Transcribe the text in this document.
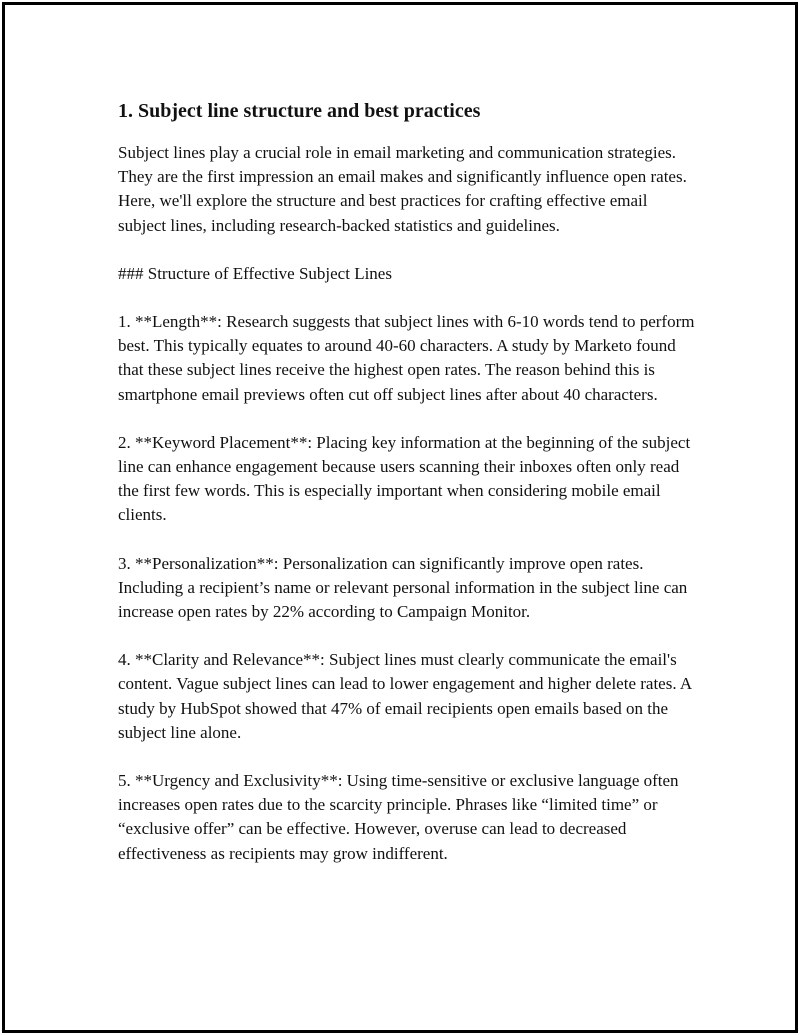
1. Subject line structure and best practices

Subject lines play a crucial role in email marketing and communication strategies. They are the first impression an email makes and significantly influence open rates. Here, we'll explore the structure and best practices for crafting effective email subject lines, including research-backed statistics and guidelines.

### Structure of Effective Subject Lines

1. **Length**: Research suggests that subject lines with 6-10 words tend to perform best. This typically equates to around 40-60 characters. A study by Marketo found that these subject lines receive the highest open rates. The reason behind this is smartphone email previews often cut off subject lines after about 40 characters.

2. **Keyword Placement**: Placing key information at the beginning of the subject line can enhance engagement because users scanning their inboxes often only read the first few words. This is especially important when considering mobile email clients.

3. **Personalization**: Personalization can significantly improve open rates. Including a recipient’s name or relevant personal information in the subject line can increase open rates by 22% according to Campaign Monitor.

4. **Clarity and Relevance**: Subject lines must clearly communicate the email's content. Vague subject lines can lead to lower engagement and higher delete rates. A study by HubSpot showed that 47% of email recipients open emails based on the subject line alone.

5. **Urgency and Exclusivity**: Using time-sensitive or exclusive language often increases open rates due to the scarcity principle. Phrases like “limited time” or “exclusive offer” can be effective. However, overuse can lead to decreased effectiveness as recipients may grow indifferent.
